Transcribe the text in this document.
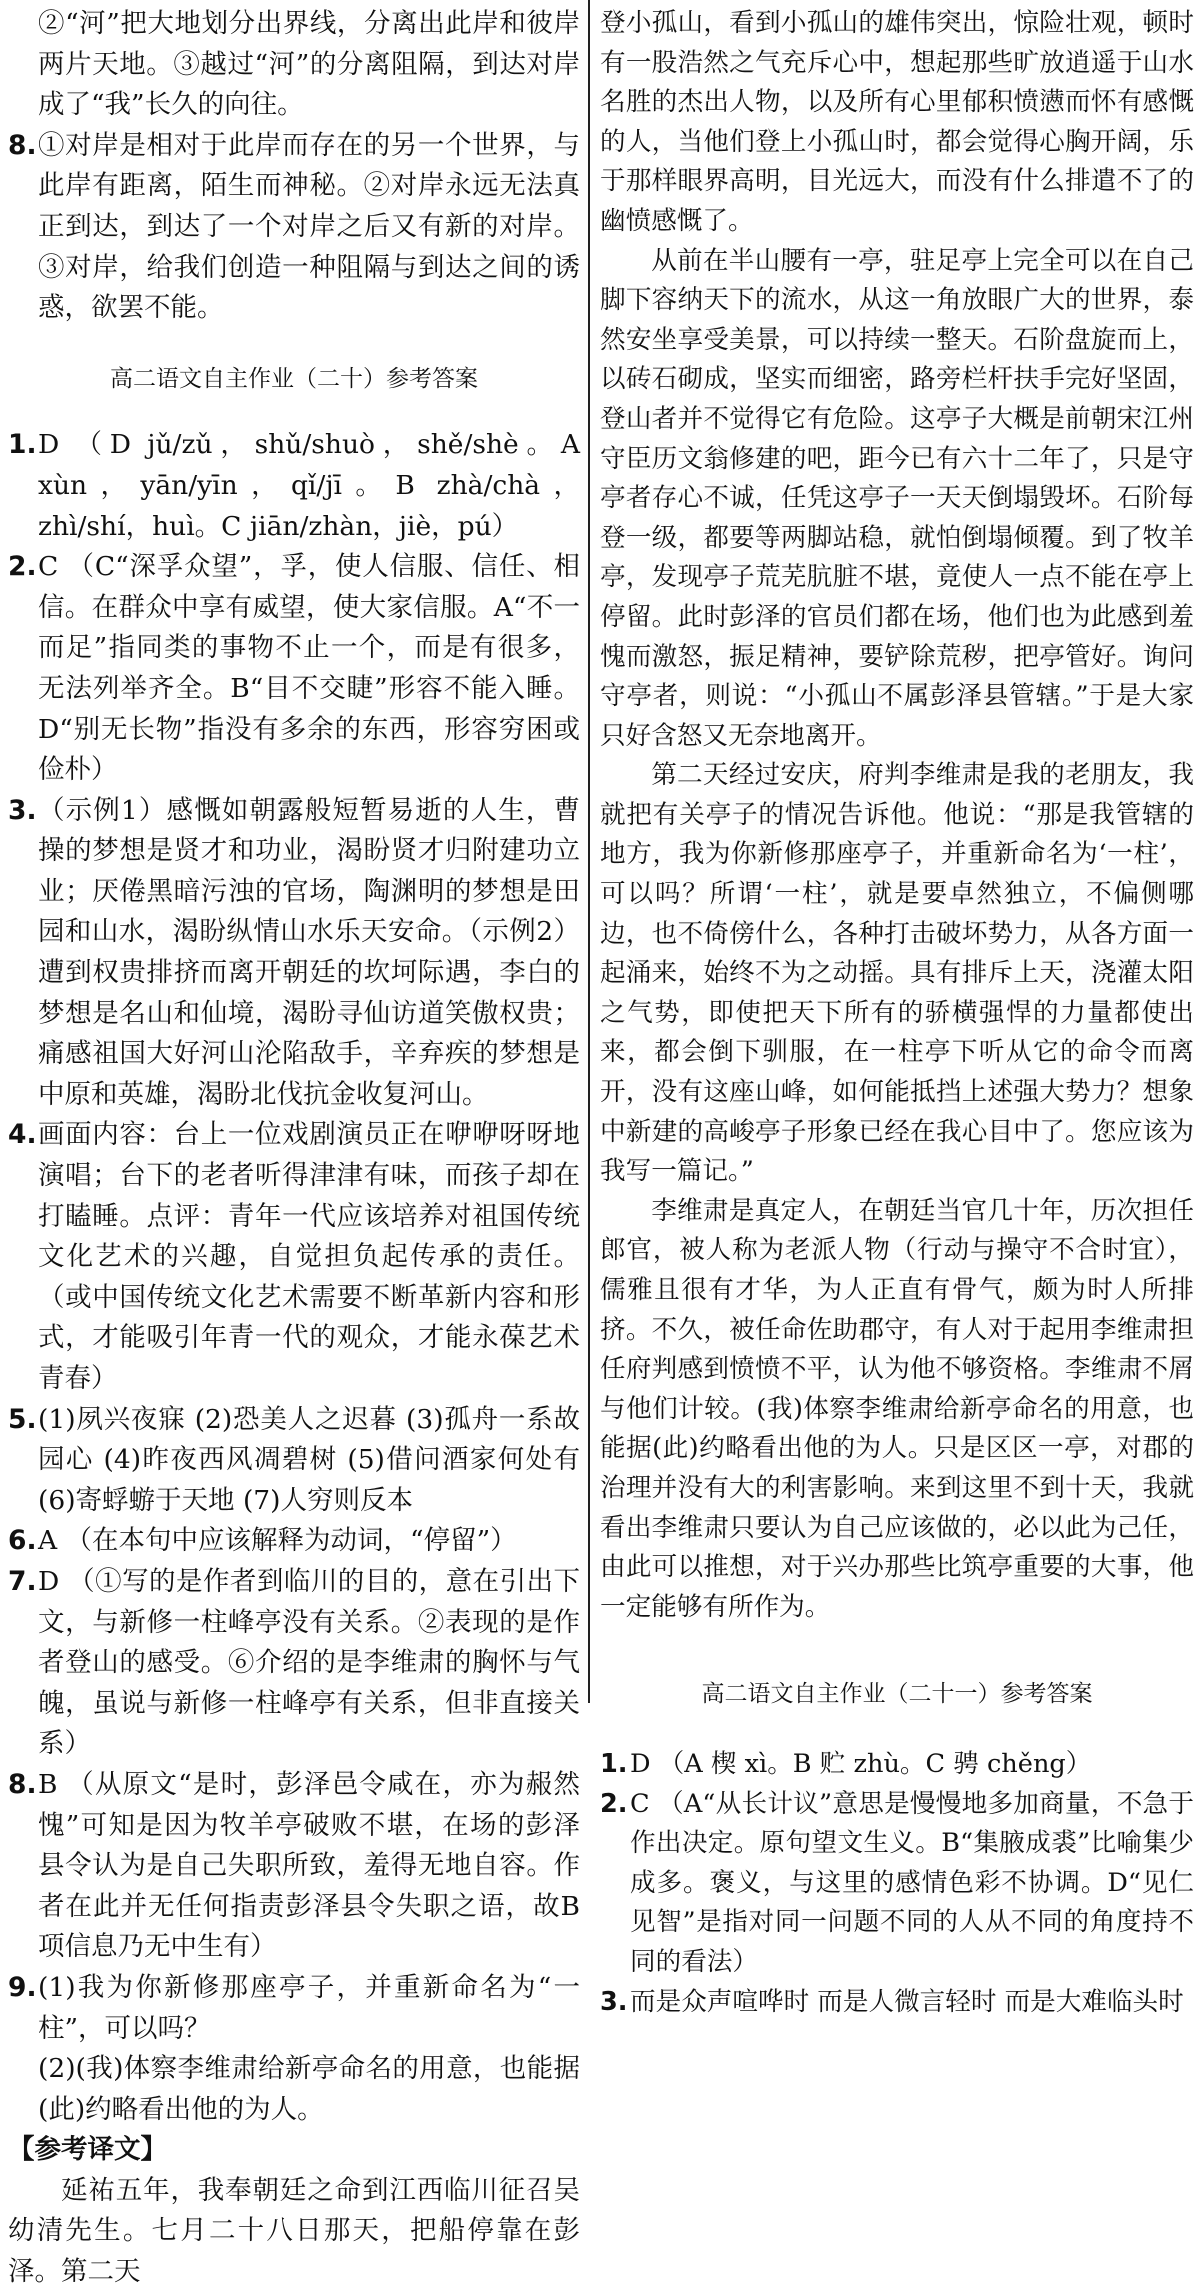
②“河”把大地划分出界线，分离出此岸和彼岸两片天地。③越过“河”的分离阻隔，到达对岸成了“我”长久的向往。
8. ①对岸是相对于此岸而存在的另一个世界，与此岸有距离，陌生而神秘。②对岸永远无法真正到达，到达了一个对岸之后又有新的对岸。③对岸，给我们创造一种阻隔与到达之间的诱惑，欲罢不能。
高二语文自主作业（二十）参考答案
1. D （D jǔ/zǔ，shǔ/shuò，shě/shè。A xùn，yān/yīn，qǐ/jī。B zhà/chà，zhì/shí，huì。C jiān/zhàn，jiè，pú）
2. C （C“深孚众望”，孚，使人信服、信任、相信。在群众中享有威望，使大家信服。A“不一而足”指同类的事物不止一个，而是有很多，无法列举齐全。B“目不交睫”形容不能入睡。D“别无长物”指没有多余的东西，形容穷困或俭朴）
3. （示例1）感慨如朝露般短暂易逝的人生，曹操的梦想是贤才和功业，渴盼贤才归附建功立业；厌倦黑暗污浊的官场，陶渊明的梦想是田园和山水，渴盼纵情山水乐天安命。（示例2）遭到权贵排挤而离开朝廷的坎坷际遇，李白的梦想是名山和仙境，渴盼寻仙访道笑傲权贵；痛感祖国大好河山沦陷敌手，辛弃疾的梦想是中原和英雄，渴盼北伐抗金收复河山。
4. 画面内容：台上一位戏剧演员正在咿咿呀呀地演唱；台下的老者听得津津有味，而孩子却在打瞌睡。点评：青年一代应该培养对祖国传统文化艺术的兴趣，自觉担负起传承的责任。（或中国传统文化艺术需要不断革新内容和形式，才能吸引年青一代的观众，才能永葆艺术青春）
5. (1)夙兴夜寐 (2)恐美人之迟暮 (3)孤舟一系故园心 (4)昨夜西风凋碧树 (5)借问酒家何处有 (6)寄蜉蝣于天地 (7)人穷则反本
6. A （在本句中应该解释为动词，“停留”）
7. D （①写的是作者到临川的目的，意在引出下文，与新修一柱峰亭没有关系。②表现的是作者登山的感受。⑥介绍的是李维肃的胸怀与气魄，虽说与新修一柱峰亭有关系，但非直接关系）
8. B （从原文“是时，彭泽邑令咸在，亦为赧然愧”可知是因为牧羊亭破败不堪，在场的彭泽县令认为是自己失职所致，羞得无地自容。作者在此并无任何指责彭泽县令失职之语，故B项信息乃无中生有）
9. (1)我为你新修那座亭子，并重新命名为“一柱”，可以吗？
(2)(我)体察李维肃给新亭命名的用意，也能据(此)约略看出他的为人。
【参考译文】
延祐五年，我奉朝廷之命到江西临川征召吴幼清先生。七月二十八日那天，把船停靠在彭泽。第二天
登小孤山，看到小孤山的雄伟突出，惊险壮观，顿时有一股浩然之气充斥心中，想起那些旷放逍遥于山水名胜的杰出人物，以及所有心里郁积愤懑而怀有感慨的人，当他们登上小孤山时，都会觉得心胸开阔，乐于那样眼界高明，目光远大，而没有什么排遣不了的幽愤感慨了。
从前在半山腰有一亭，驻足亭上完全可以在自己脚下容纳天下的流水，从这一角放眼广大的世界，泰然安坐享受美景，可以持续一整天。石阶盘旋而上，以砖石砌成，坚实而细密，路旁栏杆扶手完好坚固，登山者并不觉得它有危险。这亭子大概是前朝宋江州守臣历文翁修建的吧，距今已有六十二年了，只是守亭者存心不诚，任凭这亭子一天天倒塌毁坏。石阶每登一级，都要等两脚站稳，就怕倒塌倾覆。到了牧羊亭，发现亭子荒芜肮脏不堪，竟使人一点不能在亭上停留。此时彭泽的官员们都在场，他们也为此感到羞愧而激怒，振足精神，要铲除荒秽，把亭管好。询问守亭者，则说：“小孤山不属彭泽县管辖。”于是大家只好含怒又无奈地离开。
第二天经过安庆，府判李维肃是我的老朋友，我就把有关亭子的情况告诉他。他说：“那是我管辖的地方，我为你新修那座亭子，并重新命名为‘一柱’，可以吗？所谓‘一柱’，就是要卓然独立，不偏侧哪边，也不倚傍什么，各种打击破坏势力，从各方面一起涌来，始终不为之动摇。具有排斥上天，浇灌太阳之气势，即使把天下所有的骄横强悍的力量都使出来，都会倒下驯服，在一柱亭下听从它的命令而离开，没有这座山峰，如何能抵挡上述强大势力？想象中新建的高峻亭子形象已经在我心目中了。您应该为我写一篇记。”
李维肃是真定人，在朝廷当官几十年，历次担任郎官，被人称为老派人物（行动与操守不合时宜），儒雅且很有才华，为人正直有骨气，颇为时人所排挤。不久，被任命佐助郡守，有人对于起用李维肃担任府判感到愤愤不平，认为他不够资格。李维肃不屑与他们计较。(我)体察李维肃给新亭命名的用意，也能据(此)约略看出他的为人。只是区区一亭，对郡的治理并没有大的利害影响。来到这里不到十天，我就看出李维肃只要认为自己应该做的，必以此为己任，由此可以推想，对于兴办那些比筑亭重要的大事，他一定能够有所作为。
高二语文自主作业（二十一）参考答案
1. D （A 楔 xì。B 贮 zhù。C 骋 chěng）
2. C （A“从长计议”意思是慢慢地多加商量，不急于作出决定。原句望文生义。B“集腋成裘”比喻集少成多。褒义，与这里的感情色彩不协调。D“见仁见智”是指对同一问题不同的人从不同的角度持不同的看法）
3. 而是众声喧哗时 而是人微言轻时 而是大难临头时
